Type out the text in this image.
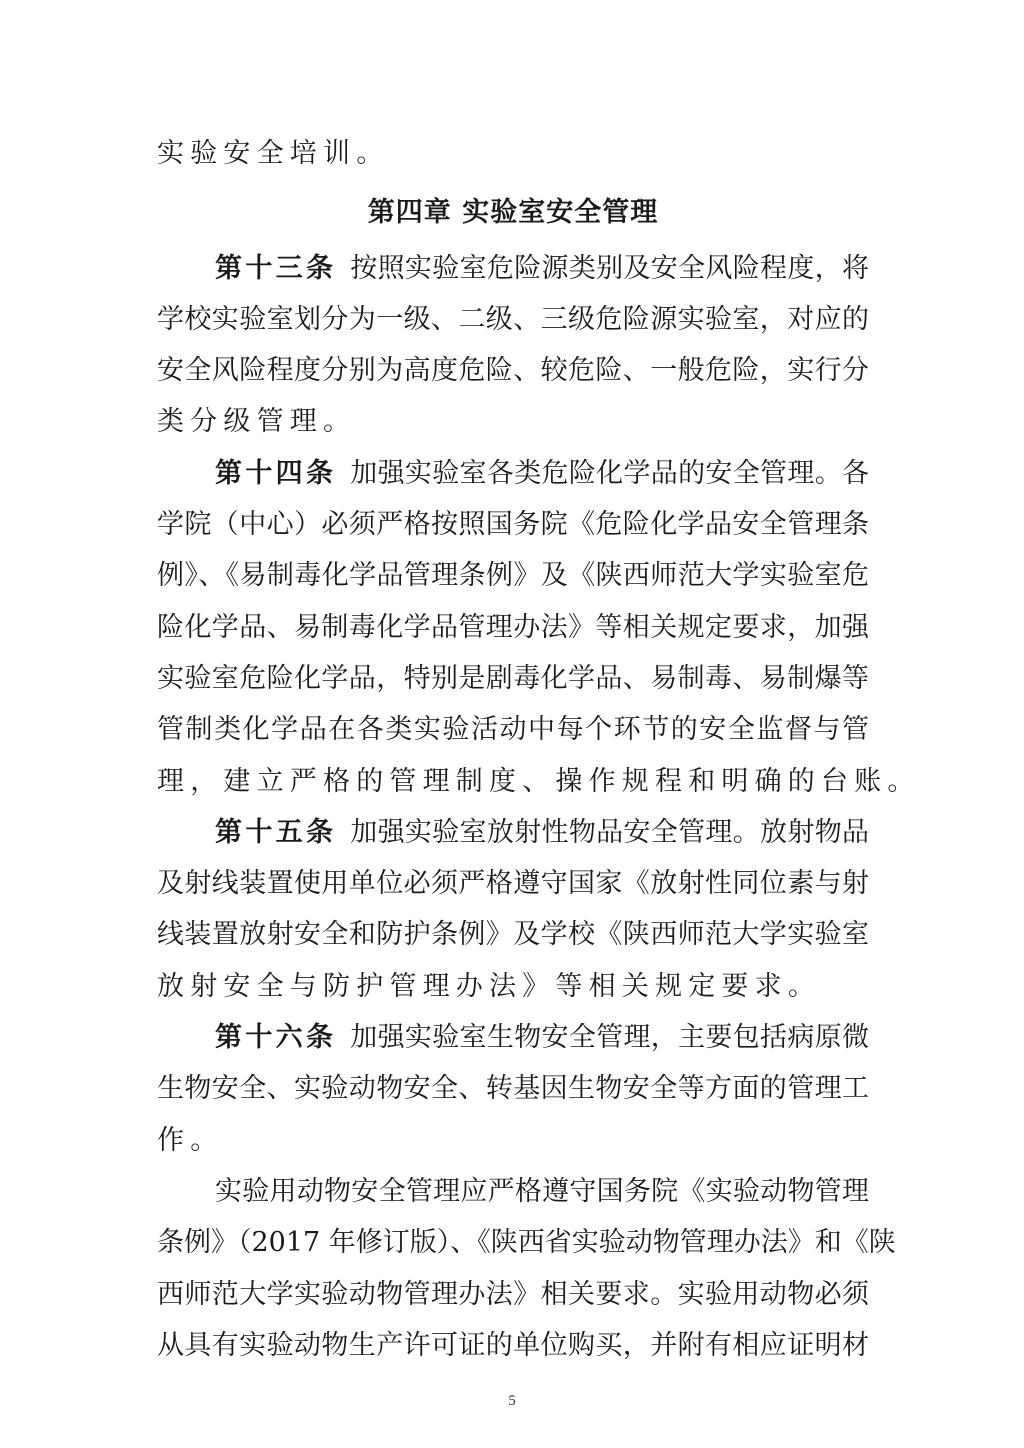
实验安全培训。
第四章 实验室安全管理
第十三条 按照实验室危险源类别及安全风险程度，将
学校实验室划分为一级、二级、三级危险源实验室，对应的
安全风险程度分别为高度危险、较危险、一般危险，实行分
类分级管理。
第十四条 加强实验室各类危险化学品的安全管理。各
学院（中心）必须严格按照国务院《危险化学品安全管理条
例》、《易制毒化学品管理条例》及《陕西师范大学实验室危
险化学品、易制毒化学品管理办法》等相关规定要求，加强
实验室危险化学品，特别是剧毒化学品、易制毒、易制爆等
管制类化学品在各类实验活动中每个环节的安全监督与管
理，建立严格的管理制度、操作规程和明确的台账。
第十五条 加强实验室放射性物品安全管理。放射物品
及射线装置使用单位必须严格遵守国家《放射性同位素与射
线装置放射安全和防护条例》及学校《陕西师范大学实验室
放射安全与防护管理办法》等相关规定要求。
第十六条 加强实验室生物安全管理，主要包括病原微
生物安全、实验动物安全、转基因生物安全等方面的管理工
作。
实验用动物安全管理应严格遵守国务院《实验动物管理
条例》（2017 年修订版）、《陕西省实验动物管理办法》和《陕
西师范大学实验动物管理办法》相关要求。实验用动物必须
从具有实验动物生产许可证的单位购买，并附有相应证明材
5
